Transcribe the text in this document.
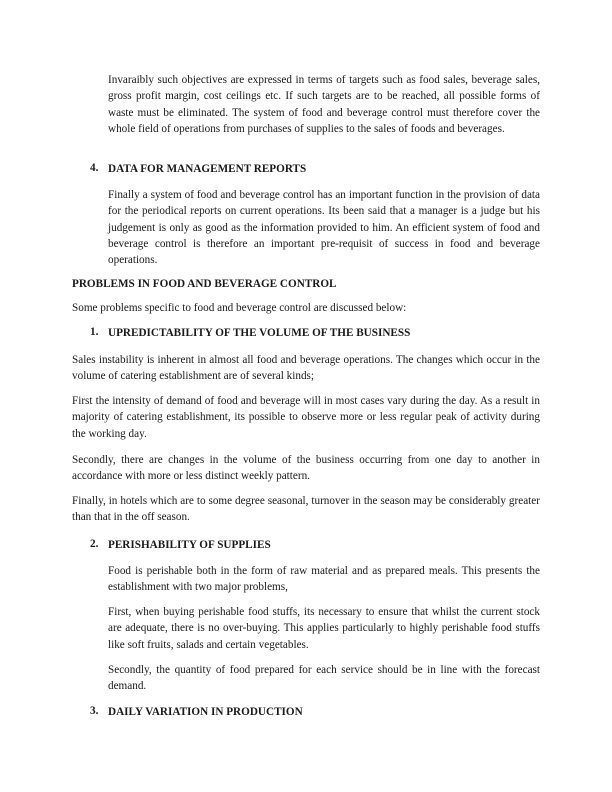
Invaraibly such objectives are expressed in terms of targets such as food sales, beverage sales, gross profit margin, cost ceilings etc. If such targets are to be reached, all possible forms of waste must be eliminated. The system of food and beverage control must therefore cover the whole field of operations from purchases of supplies to the sales of foods and beverages.

4. DATA FOR MANAGEMENT REPORTS

Finally a system of food and beverage control has an important function in the provision of data for the periodical reports on current operations. Its been said that a manager is a judge but his judgement is only as good as the information provided to him. An efficient system of food and beverage control is therefore an important pre-requisit of success in food and beverage operations.

PROBLEMS IN FOOD AND BEVERAGE CONTROL

Some problems specific to food and beverage control are discussed below:

1. UPREDICTABILITY OF THE VOLUME OF THE BUSINESS

Sales instability is inherent in almost all food and beverage operations. The changes which occur in the volume of catering establishment are of several kinds;

First the intensity of demand of food and beverage will in most cases vary during the day. As a result in majority of catering establishment, its possible to observe more or less regular peak of activity during the working day.

Secondly, there are changes in the volume of the business occurring from one day to another in accordance with more or less distinct weekly pattern.

Finally, in hotels which are to some degree seasonal, turnover in the season may be considerably greater than that in the off season.

2. PERISHABILITY OF SUPPLIES

Food is perishable both in the form of raw material and as prepared meals. This presents the establishment with two major problems,

First, when buying perishable food stuffs, its necessary to ensure that whilst the current stock are adequate, there is no over-buying. This applies particularly to highly perishable food stuffs like soft fruits, salads and certain vegetables.

Secondly, the quantity of food prepared for each service should be in line with the forecast demand.

3. DAILY VARIATION IN PRODUCTION
